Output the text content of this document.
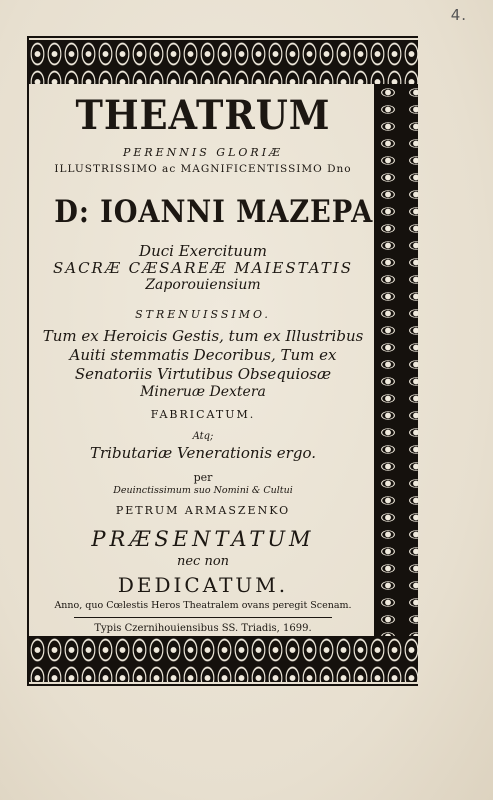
4.
THEATRUM
PERENNIS GLORIÆ
ILLUSTRISSIMO ac MAGNIFICENTISSIMO Dno
D: IOANNI MAZEPA
Duci Exercituum
SACRÆ CÆSAREÆ MAIESTATIS
Zaporouiensium
STRENUISSIMO.
Tum ex Heroicis Gestis, tum ex Illustribus
Auiti stemmatis Decoribus, Tum ex
Senatoriis Virtutibus Obsequiosæ
Mineruæ Dextera
FABRICATUM.
Atq;
Tributariæ Venerationis ergo.
per
Deuinctissimum suo Nomini & Cultui
PETRUM ARMASZENKO
PRÆSENTATUM
nec non
DEDICATUM.
Anno, quo Cœlestis Heros Theatralem ovans peregit Scenam.
Typis Czernihouiensibus SS. Triadis, 1699.
